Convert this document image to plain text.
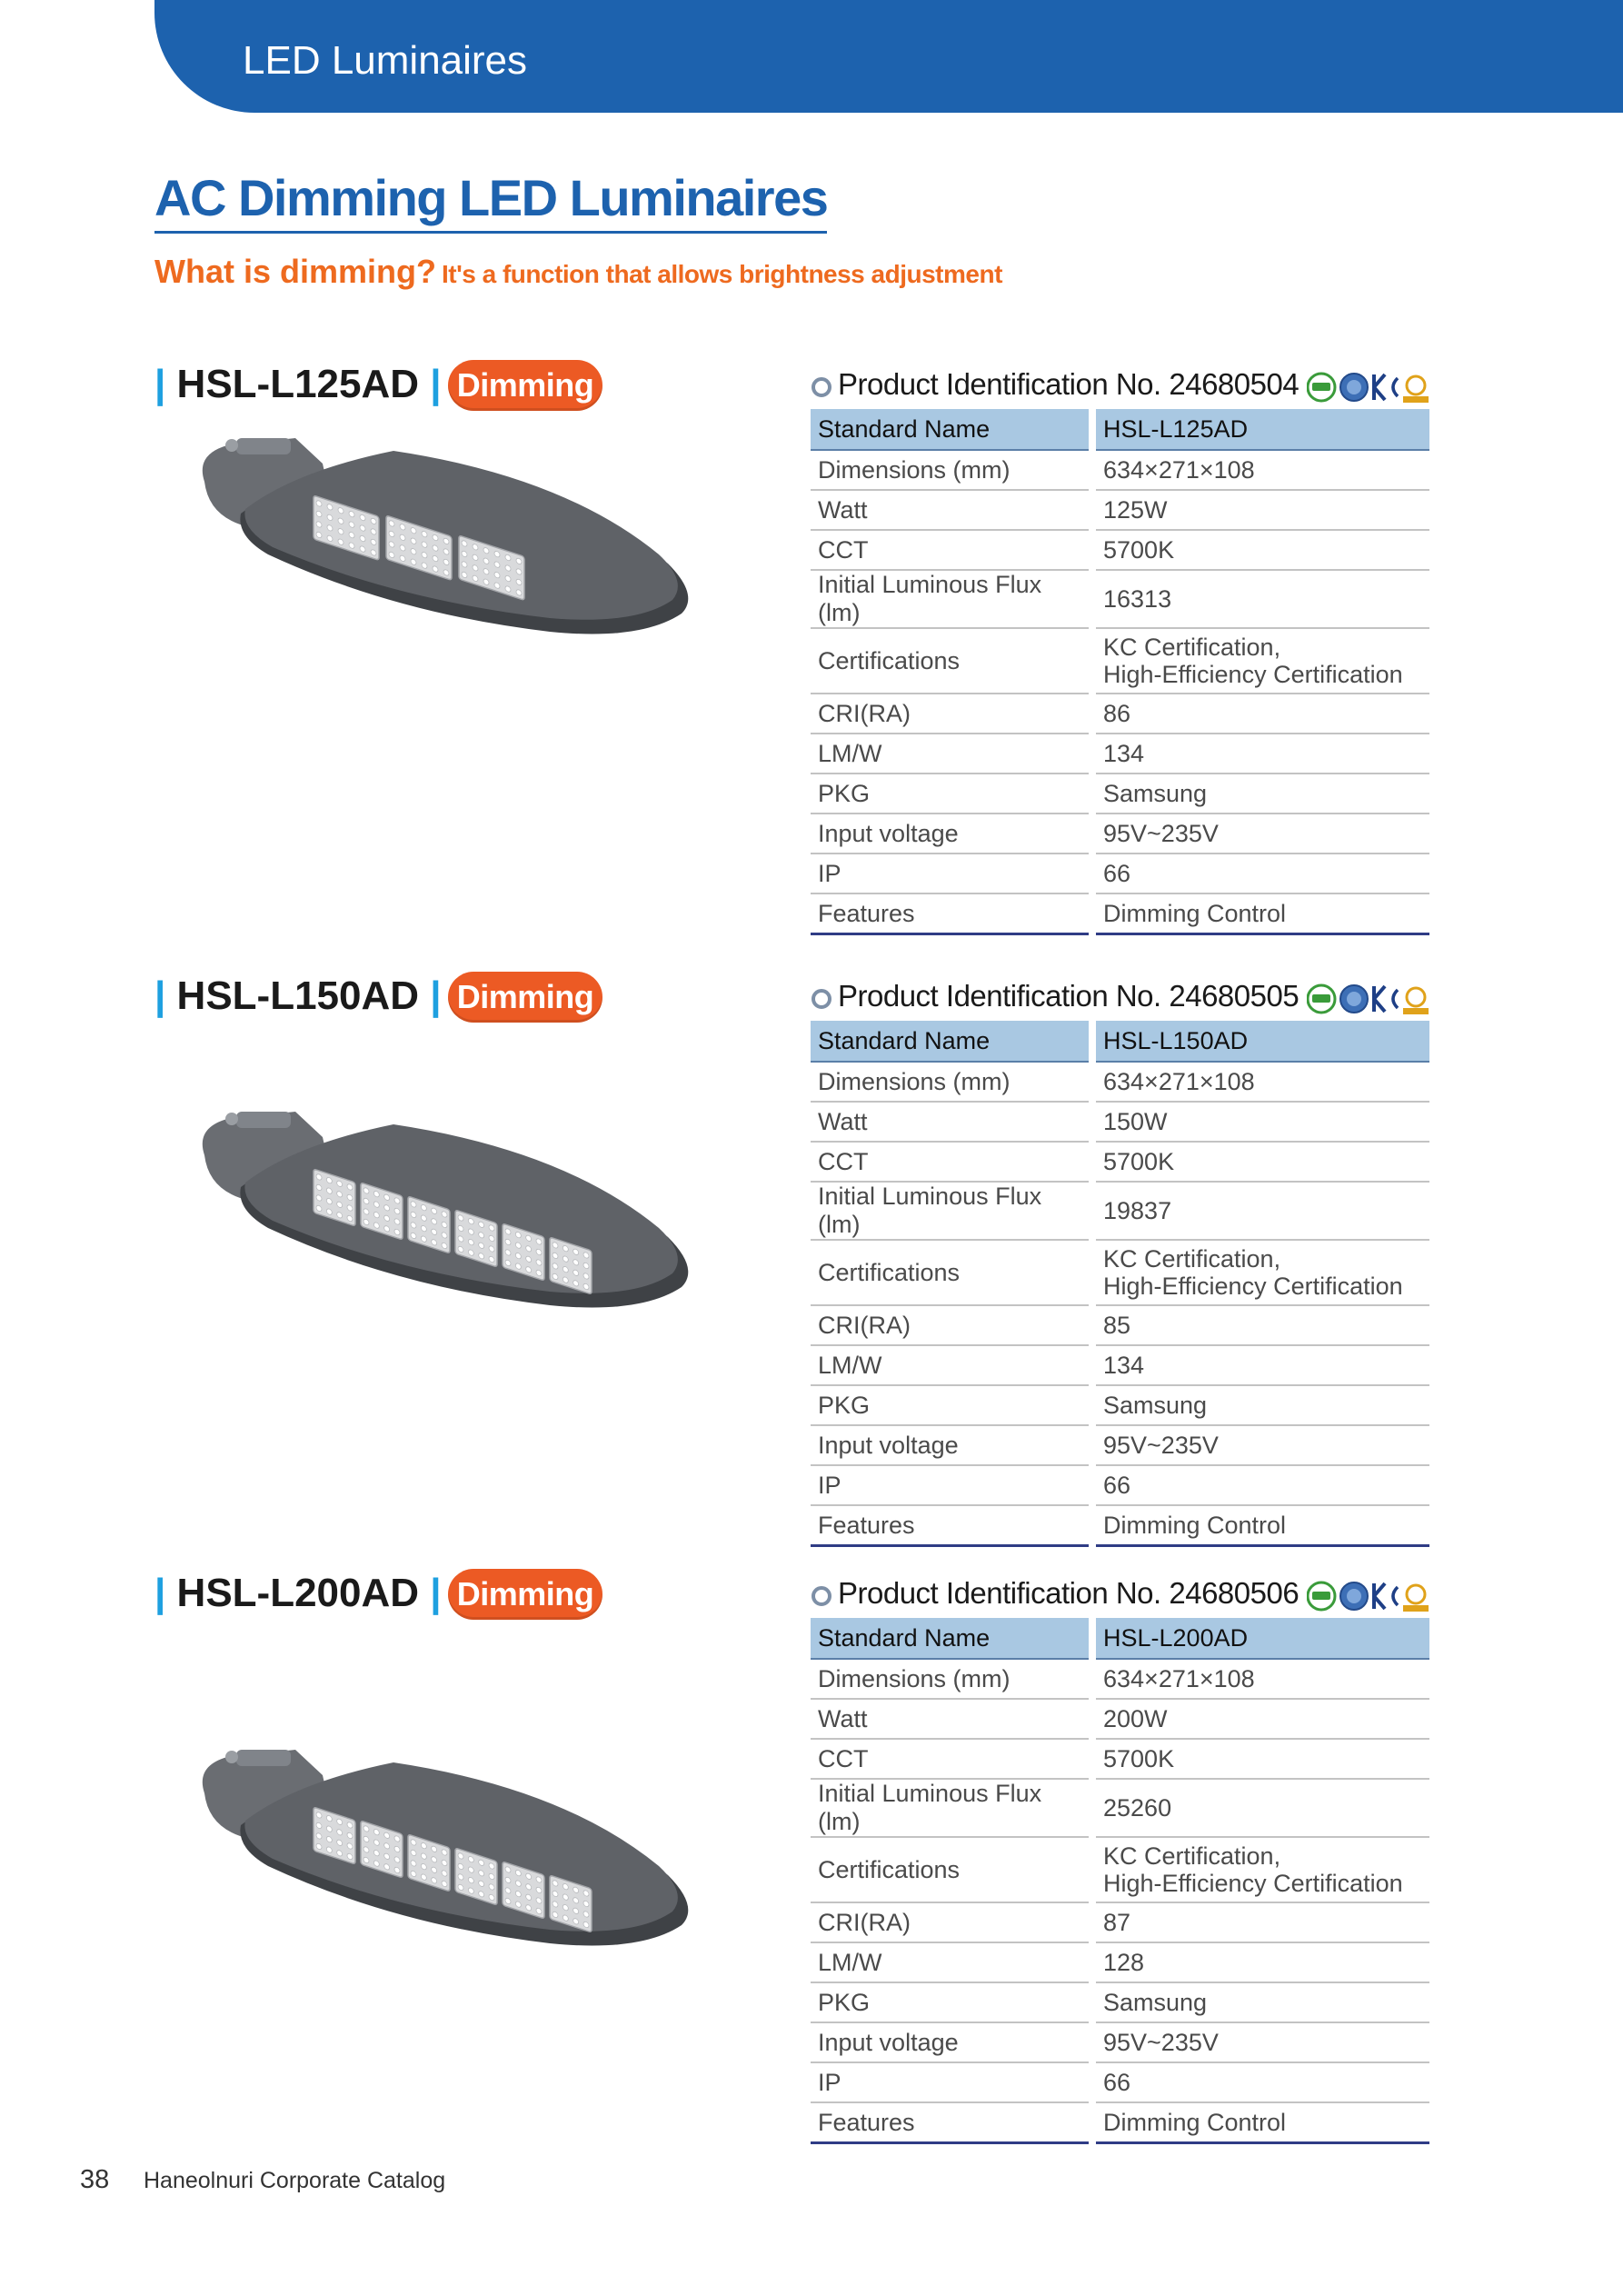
LED Luminaires
AC Dimming LED Luminaires
What is dimming? It's a function that allows brightness adjustment
| HSL-L125AD | Dimming	Product Identification No. 24680504
Standard Name	HSL-L125AD
Dimensions (mm)	634×271×108
Watt	125W
CCT	5700K
Initial Luminous Flux (lm)	16313
Certifications	KC Certification,
High-Efficiency Certification

CRI(RA)	86
LM/W	134
PKG	Samsung
Input voltage	95V~235V
IP	66
Features	Dimming Control
| HSL-L150AD | Dimming	Product Identification No. 24680505
Standard Name	HSL-L150AD
Dimensions (mm)	634×271×108
Watt	150W
CCT	5700K
Initial Luminous Flux (lm)	19837
Certifications	KC Certification,
High-Efficiency Certification

CRI(RA)	85
LM/W	134
PKG	Samsung
Input voltage	95V~235V
IP	66
Features	Dimming Control
| HSL-L200AD | Dimming	Product Identification No. 24680506
Standard Name	HSL-L200AD
Dimensions (mm)	634×271×108
Watt	200W
CCT	5700K
Initial Luminous Flux (lm)	25260
Certifications	KC Certification,
High-Efficiency Certification

CRI(RA)	87
LM/W	128
PKG	Samsung
Input voltage	95V~235V
IP	66
Features	Dimming Control
38 Haneolnuri Corporate Catalog
